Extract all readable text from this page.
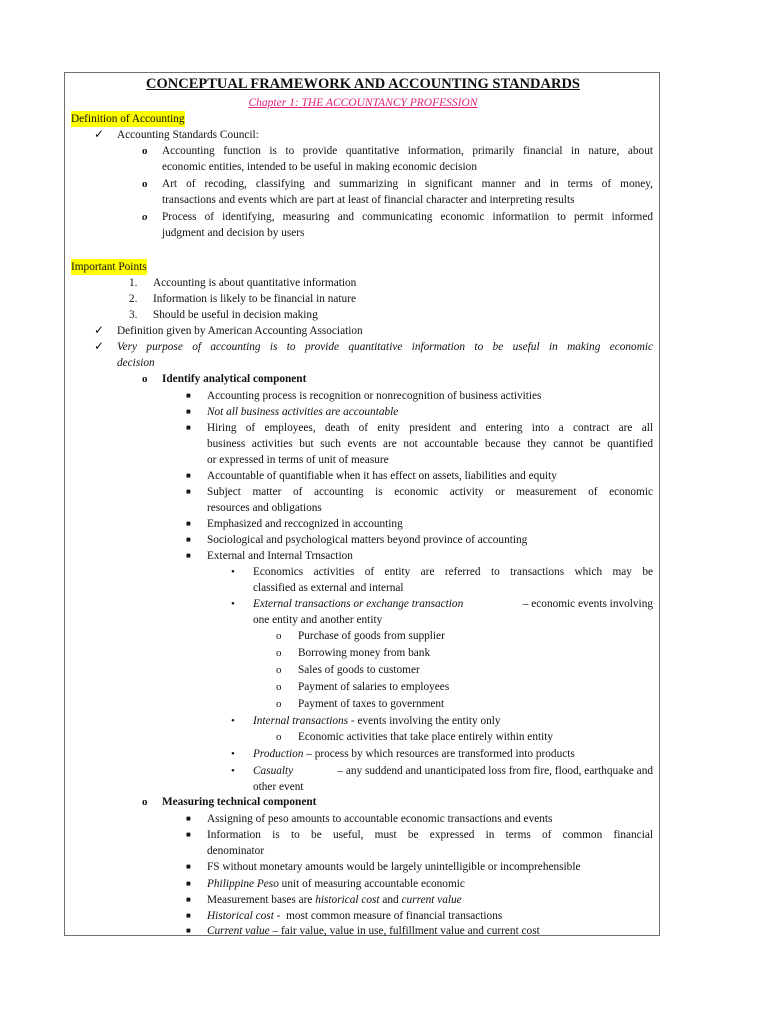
CONCEPTUAL FRAMEWORK AND ACCOUNTING STANDARDS
Chapter 1: THE ACCOUNTANCY PROFESSION
Definition of Accounting
✓ Accounting Standards Council:
o Accounting function is to provide quantitative information, primarily financial in nature, about
economic entities, intended to be useful in making economic decision
o Art of recoding, classifying and summarizing in significant manner and in terms of money,
transactions and events which are part at least of financial character and interpreting results
o Process of identifying, measuring and communicating economic informatiion to permit informed
judgment and decision by users
Important Points
1. Accounting is about quantitative information
2. Information is likely to be financial in nature
3. Should be useful in decision making
✓ Definition given by American Accounting Association
✓ Very purpose of accounting is to provide quantitative information to be useful in making economic
decision
o Identify analytical component
■ Accounting process is recognition or nonrecognition of business activities
■ Not all business activities are accountable
■ Hiring of employees, death of enity president and entering into a contract are all
business activities but such events are not accountable because they cannot be quantified
or expressed in terms of unit of measure
■ Accountable of quantifiable when it has effect on assets, liabilities and equity
■ Subject matter of accounting is economic activity or measurement of economic
resources and obligations
■ Emphasized and reccognized in accounting
■ Sociological and psychological matters beyond province of accounting
■ External and Internal Trnsaction
• Economics activities of entity are referred to transactions which may be
classified as external and internal
• External transactions or exchange transaction	– economic events involving
one entity and another entity
o Purchase of goods from supplier
o Borrowing money from bank
o Sales of goods to customer
o Payment of salaries to employees
o Payment of taxes to government
• Internal transactions - events involving the entity only
o Economic activities that take place entirely within entity
• Production – process by which resources are transformed into products
• Casualty	– any suddend and unanticipated loss from fire, flood, earthquake and
other event
o Measuring technical component
■ Assigning of peso amounts to accountable economic transactions and events
■ Information is to be useful, must be expressed in terms of common financial
denominator
■ FS without monetary amounts would be largely unintelligible or incomprehensible
■ Philippine Peso unit of measuring accountable economic
■ Measurement bases are historical cost and current value
■ Historical cost -  most common measure of financial transactions
■ Current value – fair value, value in use, fulfillment value and current cost
